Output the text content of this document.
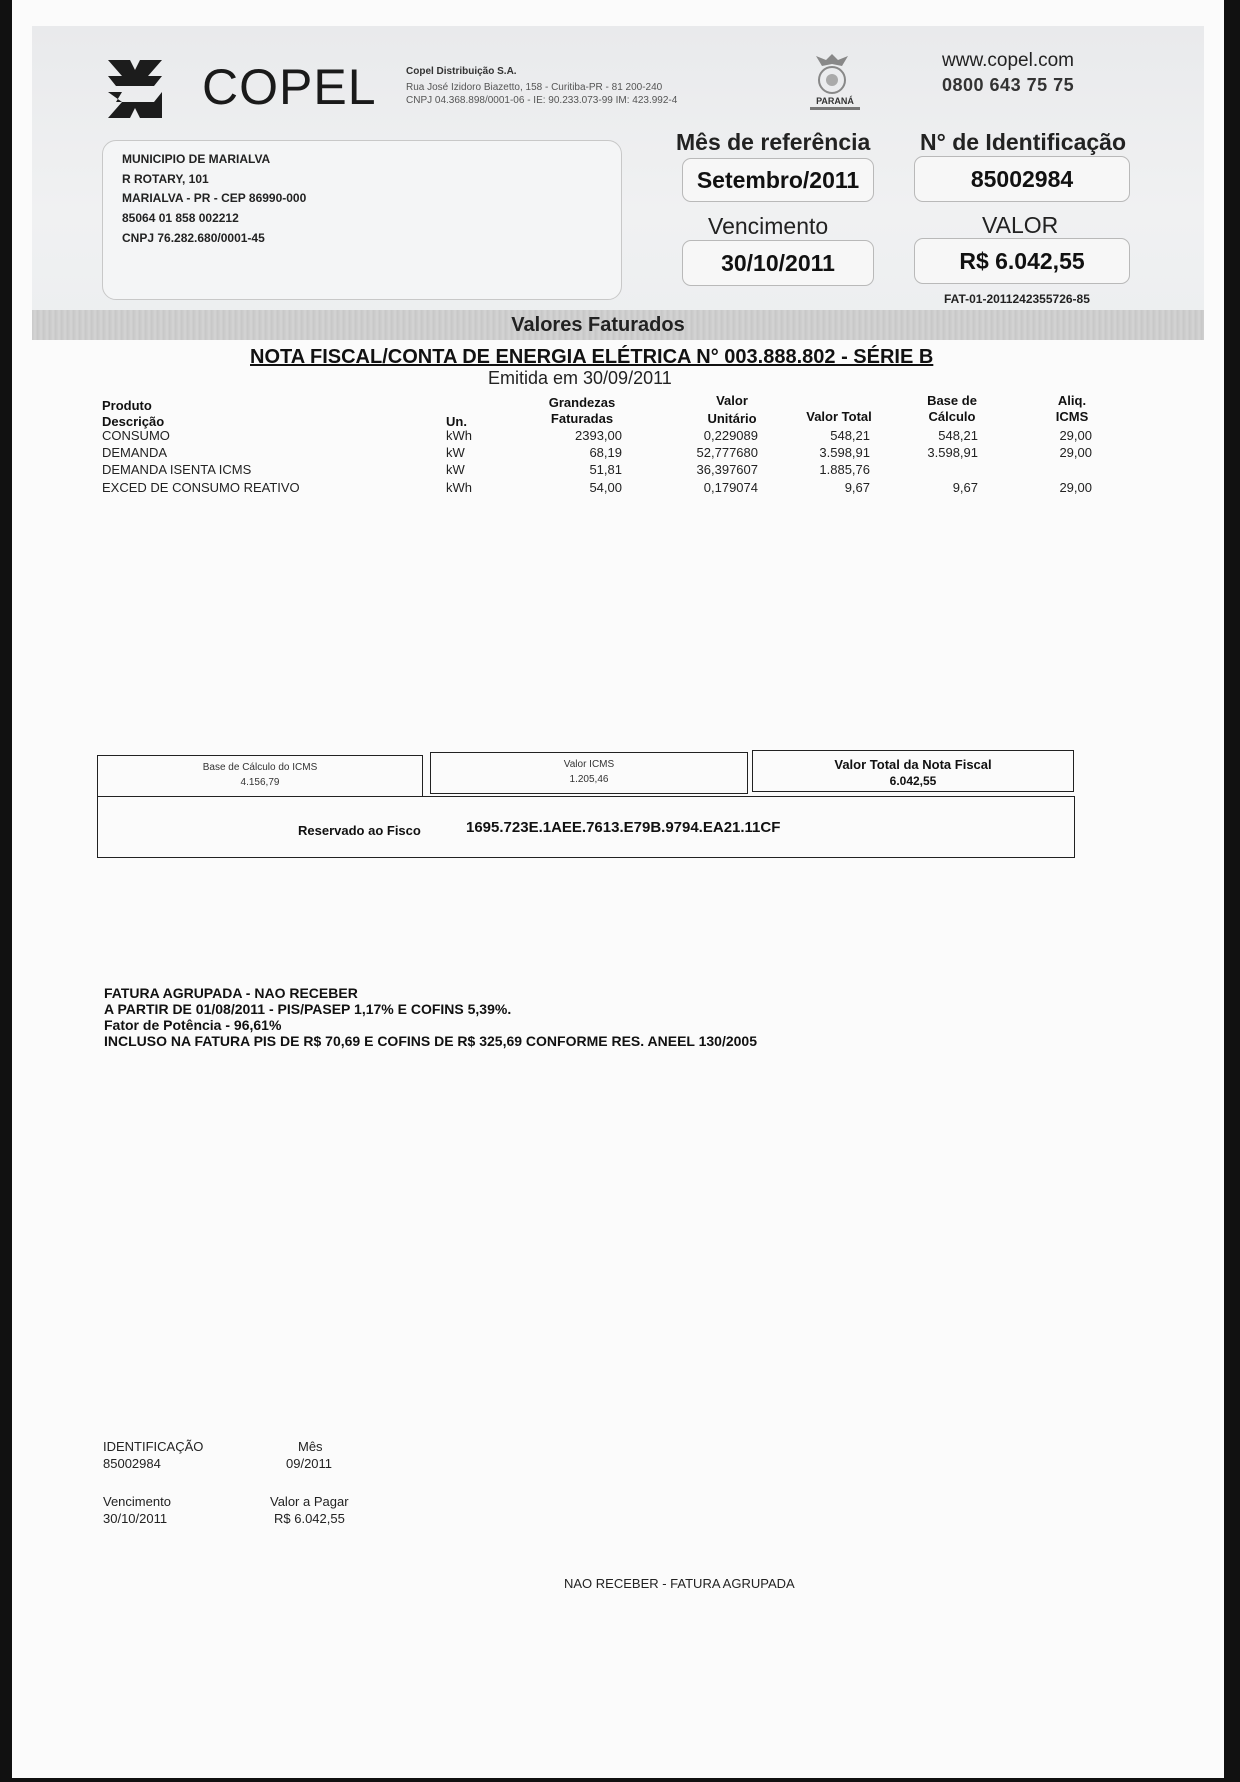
COPEL	Copel Distribuição S.A.
Rua José Izidoro Biazetto, 158 - Curitiba-PR - 81 200-240
CNPJ 04.368.898/0001-06 - IE: 90.233.073-99 IM: 423.992-4	PARANÁ
www.copel.com
0800 643 75 75
MUNICIPIO DE MARIALVA
R ROTARY, 101
MARIALVA - PR - CEP 86990-000
85064 01 858 002212
CNPJ 76.282.680/0001-45
Mês de referência
Setembro/2011
N° de Identificação
85002984
Vencimento
30/10/2011
VALOR
R$ 6.042,55
FAT-01-2011242355726-85
Valores Faturados
NOTA FISCAL/CONTA DE ENERGIA ELÉTRICA N° 003.888.802 - SÉRIE B
Emitida em 30/09/2011
Produto
Descrição	Un.
Grandezas
Faturadas
Valor
Unitário	Valor Total
Base de
Cálculo
Aliq.
ICMS
CONSUMO	kWh	2393,00	0,229089	548,21	548,21	29,00
DEMANDA	kW	68,19	52,777680	3.598,91	3.598,91	29,00
DEMANDA ISENTA ICMS	kW	51,81	36,397607	1.885,76
EXCED DE CONSUMO REATIVO	kWh	54,00	0,179074	9,67	9,67	29,00
Base de Cálculo do ICMS
4.156,79
Valor ICMS
1.205,46
Valor Total da Nota Fiscal
6.042,55
Reservado ao Fisco	1695.723E.1AEE.7613.E79B.9794.EA21.11CF
FATURA AGRUPADA - NAO RECEBER
A PARTIR DE 01/08/2011 - PIS/PASEP 1,17% E COFINS 5,39%.
Fator de Potência - 96,61%
INCLUSO NA FATURA PIS DE R$ 70,69 E COFINS DE R$ 325,69 CONFORME RES. ANEEL 130/2005
IDENTIFICAÇÃO
85002984
Mês
09/2011
Vencimento
30/10/2011
Valor a Pagar
R$ 6.042,55
NAO RECEBER - FATURA AGRUPADA
